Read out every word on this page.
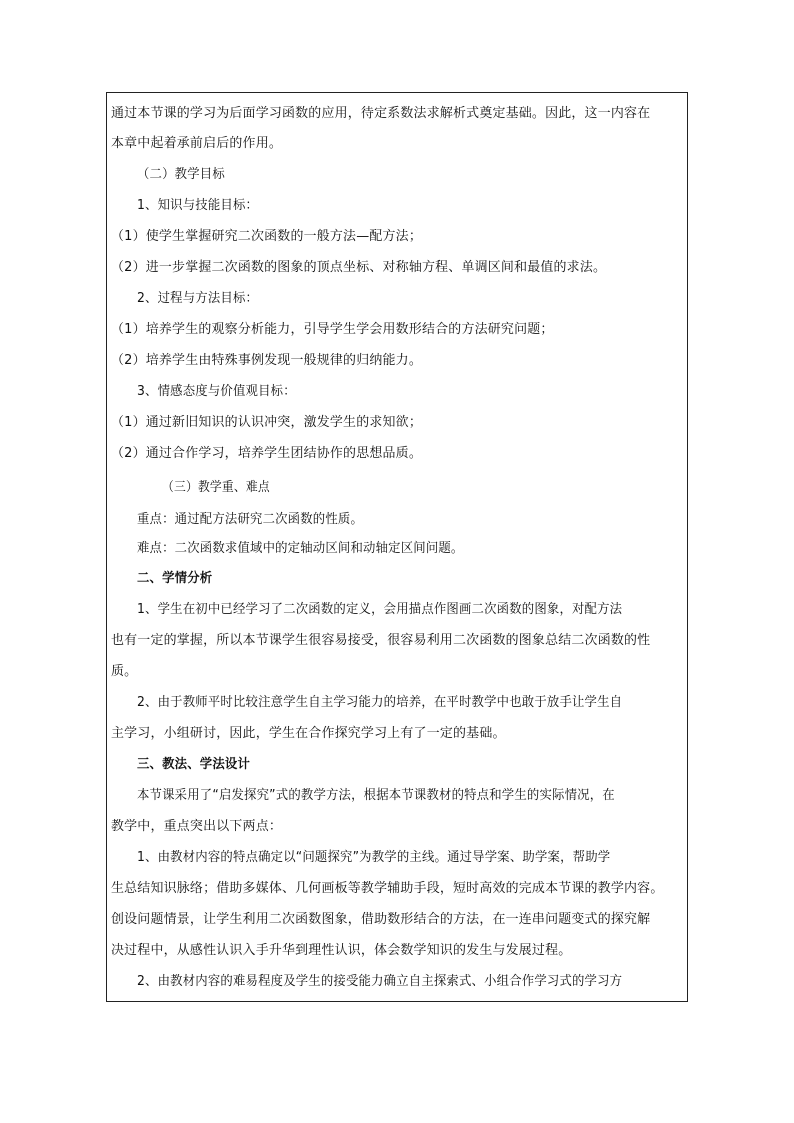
通过本节课的学习为后面学习函数的应用，待定系数法求解析式奠定基础。因此，这一内容在
本章中起着承前启后的作用。
（二）教学目标
1、知识与技能目标：
（1）使学生掌握研究二次函数的一般方法—配方法；
（2）进一步掌握二次函数的图象的顶点坐标、对称轴方程、单调区间和最值的求法。
2、过程与方法目标：
（1）培养学生的观察分析能力，引导学生学会用数形结合的方法研究问题；
（2）培养学生由特殊事例发现一般规律的归纳能力。
3、情感态度与价值观目标：
（1）通过新旧知识的认识冲突，激发学生的求知欲；
（2）通过合作学习，培养学生团结协作的思想品质。
（三）教学重、难点
重点：通过配方法研究二次函数的性质。
难点：二次函数求值域中的定轴动区间和动轴定区间问题。
二、学情分析
1、学生在初中已经学习了二次函数的定义，会用描点作图画二次函数的图象，对配方法
也有一定的掌握，所以本节课学生很容易接受，很容易利用二次函数的图象总结二次函数的性
质。
2、由于教师平时比较注意学生自主学习能力的培养，在平时教学中也敢于放手让学生自
主学习，小组研讨，因此，学生在合作探究学习上有了一定的基础。
三、教法、学法设计
本节课采用了“启发探究”式的教学方法，根据本节课教材的特点和学生的实际情况，在
教学中，重点突出以下两点：
1、由教材内容的特点确定以“问题探究”为教学的主线。通过导学案、助学案，帮助学
生总结知识脉络；借助多媒体、几何画板等教学辅助手段，短时高效的完成本节课的教学内容。
创设问题情景，让学生利用二次函数图象，借助数形结合的方法，在一连串问题变式的探究解
决过程中，从感性认识入手升华到理性认识，体会数学知识的发生与发展过程。
2、由教材内容的难易程度及学生的接受能力确立自主探索式、小组合作学习式的学习方
